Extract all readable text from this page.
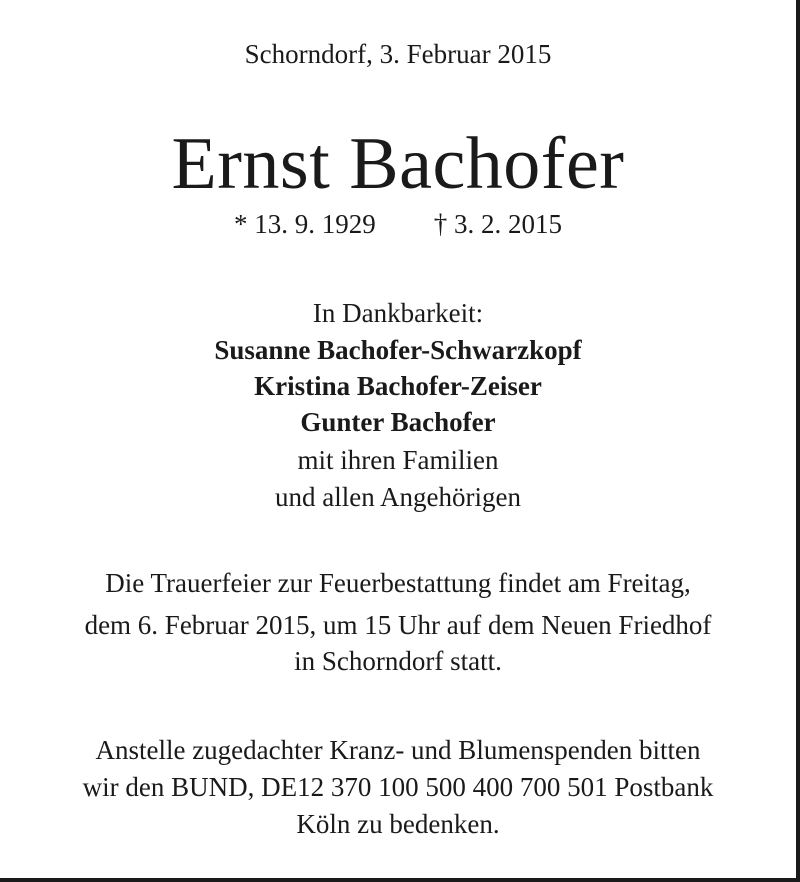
Schorndorf, 3. Februar 2015
Ernst Bachofer
* 13. 9. 1929 † 3. 2. 2015
In Dankbarkeit:
Susanne Bachofer-Schwarzkopf
Kristina Bachofer-Zeiser
Gunter Bachofer
mit ihren Familien
und allen Angehörigen
Die Trauerfeier zur Feuerbestattung findet am Freitag,
dem 6. Februar 2015, um 15 Uhr auf dem Neuen Friedhof
in Schorndorf statt.
Anstelle zugedachter Kranz- und Blumenspenden bitten
wir den BUND, DE12 370 100 500 400 700 501 Postbank
Köln zu bedenken.
